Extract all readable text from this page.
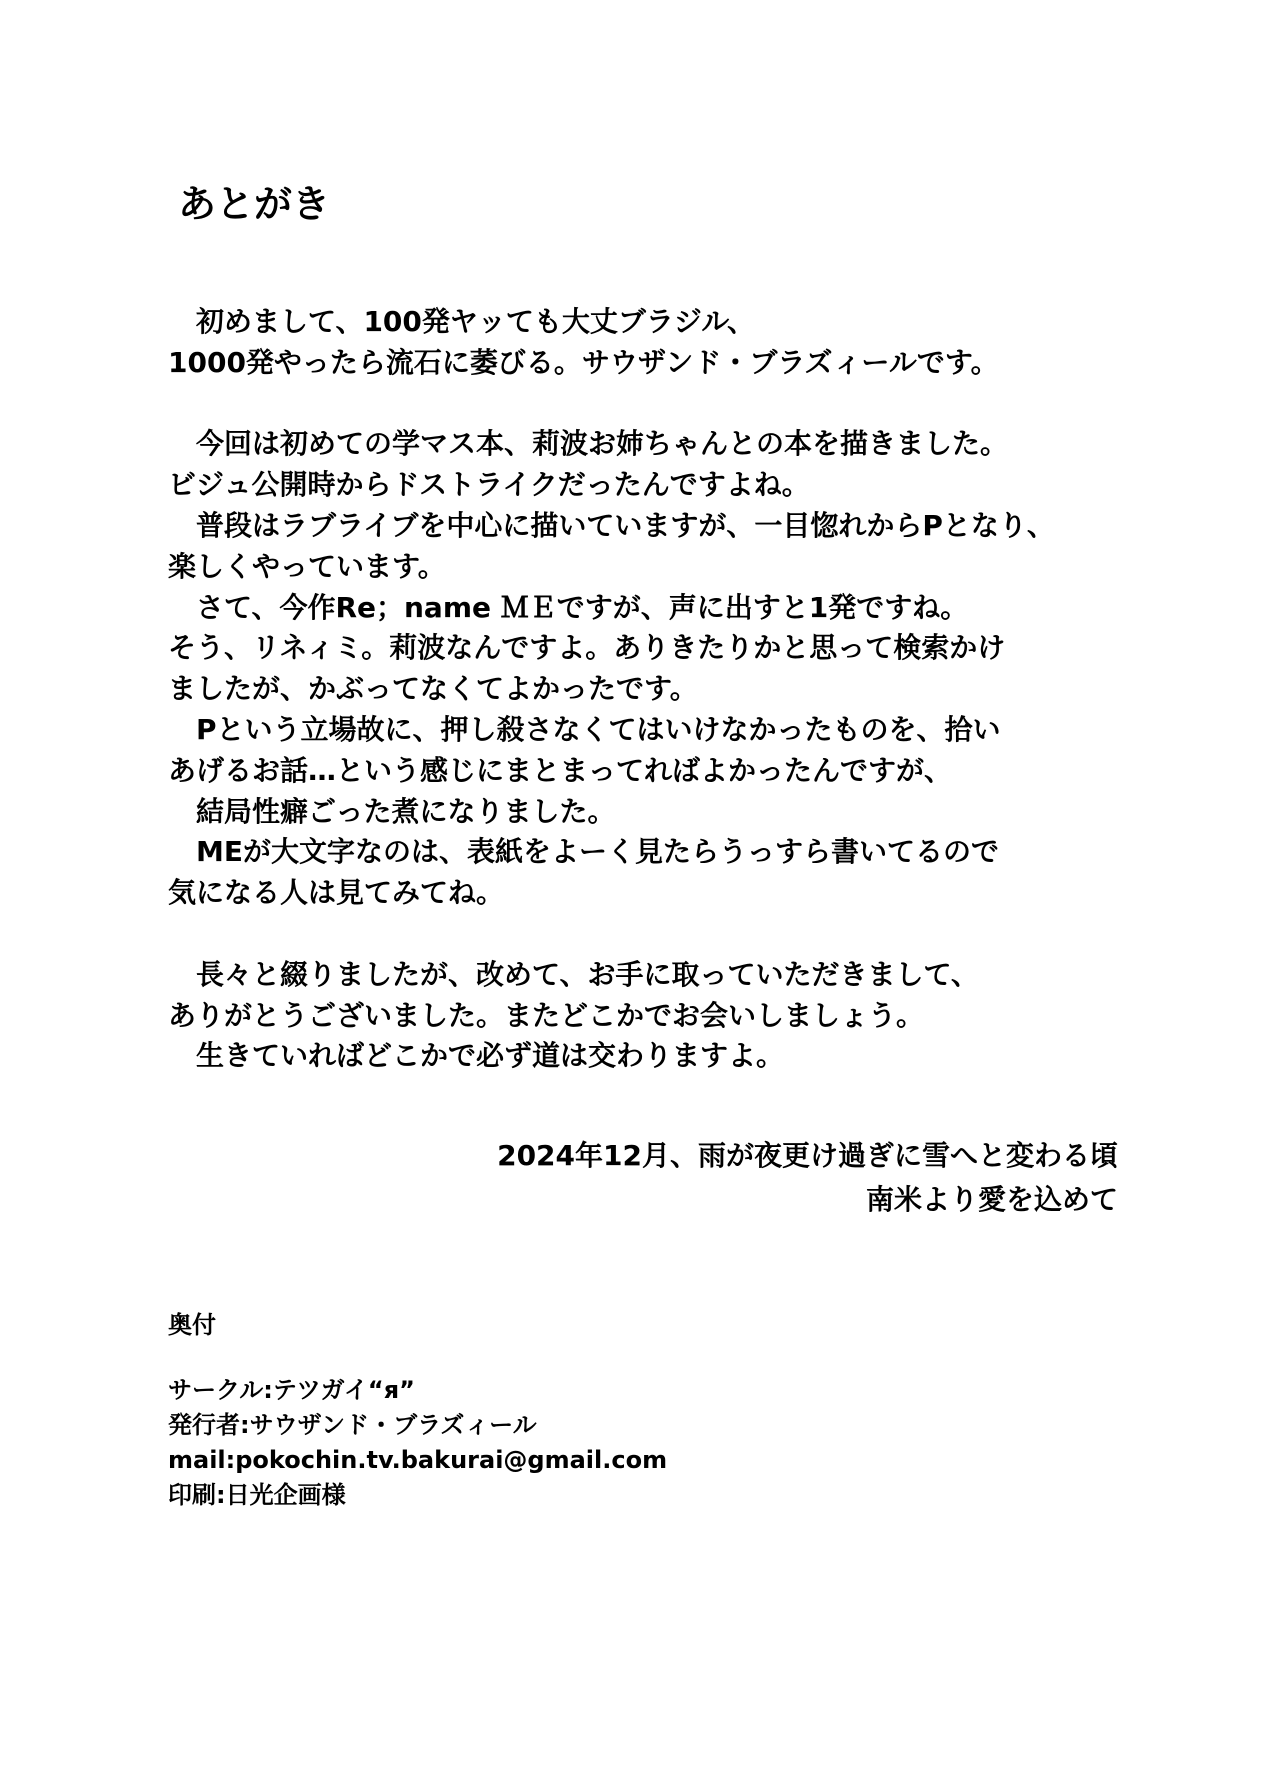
あとがき
　初めまして、100発ヤッても大丈ブラジル、
1000発やったら流石に萎びる。サウザンド・ブラズィールです。
　今回は初めての学マス本、莉波お姉ちゃんとの本を描きました。
ビジュ公開時からドストライクだったんですよね。
　普段はラブライブを中心に描いていますが、一目惚れからPとなり、
楽しくやっています。
　さて、今作Re；name ＭＥですが、声に出すと1発ですね。
そう、リネィミ。莉波なんですよ。ありきたりかと思って検索かけ
ましたが、かぶってなくてよかったです。
　Pという立場故に、押し殺さなくてはいけなかったものを、拾い
あげるお話…という感じにまとまってればよかったんですが、
　結局性癖ごった煮になりました。
　MEが大文字なのは、表紙をよーく見たらうっすら書いてるので
気になる人は見てみてね。
　長々と綴りましたが、改めて、お手に取っていただきまして、
ありがとうございました。またどこかでお会いしましょう。
　生きていればどこかで必ず道は交わりますよ。
2024年12月、雨が夜更け過ぎに雪へと変わる頃
南米より愛を込めて
奥付
サークル:テツガイ“я”
発行者:サウザンド・ブラズィール
mail:pokochin.tv.bakurai@gmail.com
印刷:日光企画様
